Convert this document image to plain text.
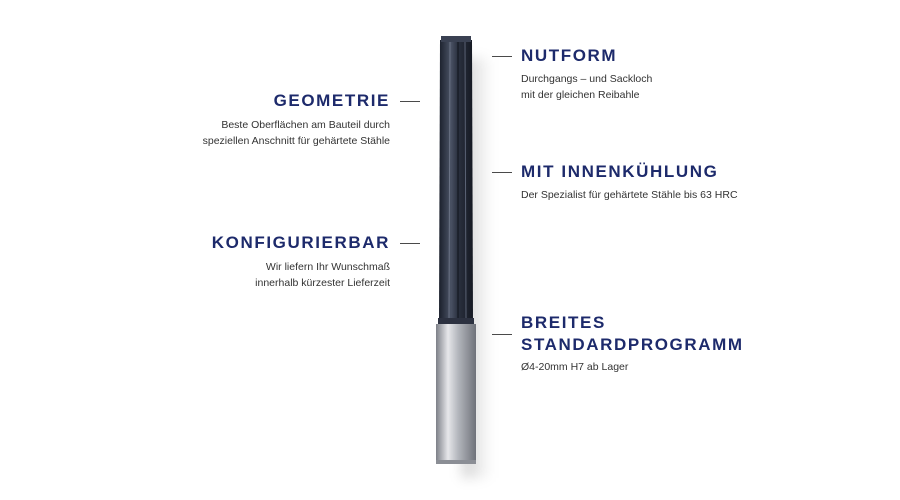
GEOMETRIE
Beste Oberflächen am Bauteil durch
speziellen Anschnitt für gehärtete Stähle
KONFIGURIERBAR
Wir liefern Ihr Wunschmaß
innerhalb kürzester Lieferzeit
NUTFORM
Durchgangs – und Sackloch
mit der gleichen Reibahle
MIT INNENKÜHLUNG
Der Spezialist für gehärtete Stähle bis 63 HRC
BREITES
STANDARDPROGRAMM
Ø4-20mm H7 ab Lager
